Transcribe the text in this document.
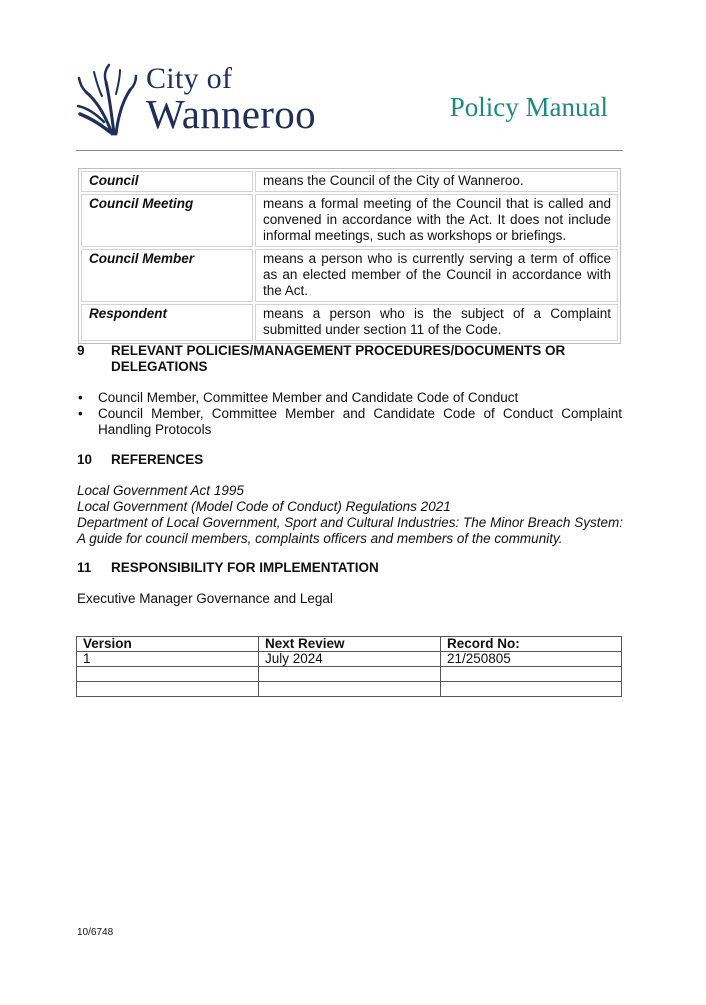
City of
Wanneroo	Policy Manual
Council	means the Council of the City of Wanneroo.
Council Meeting	means a formal meeting of the Council that is called and convened in accordance with the Act. It does not include informal meetings, such as workshops or briefings.
Council Member	means a person who is currently serving a term of office as an elected member of the Council in accordance with the Act.
Respondent	means a person who is the subject of a Complaint submitted under section 11 of the Code.
9 RELEVANT POLICIES/MANAGEMENT PROCEDURES/DOCUMENTS OR
DELEGATIONS
• Council Member, Committee Member and Candidate Code of Conduct
• Council Member, Committee Member and Candidate Code of Conduct Complaint Handling Protocols
10 REFERENCES
Local Government Act 1995
Local Government (Model Code of Conduct) Regulations 2021
Department of Local Government, Sport and Cultural Industries: The Minor Breach System: A guide for council members, complaints officers and members of the community.
11 RESPONSIBILITY FOR IMPLEMENTATION
Executive Manager Governance and Legal
Version	Next Review	Record No:
1	July 2024	21/250805

10/6748
